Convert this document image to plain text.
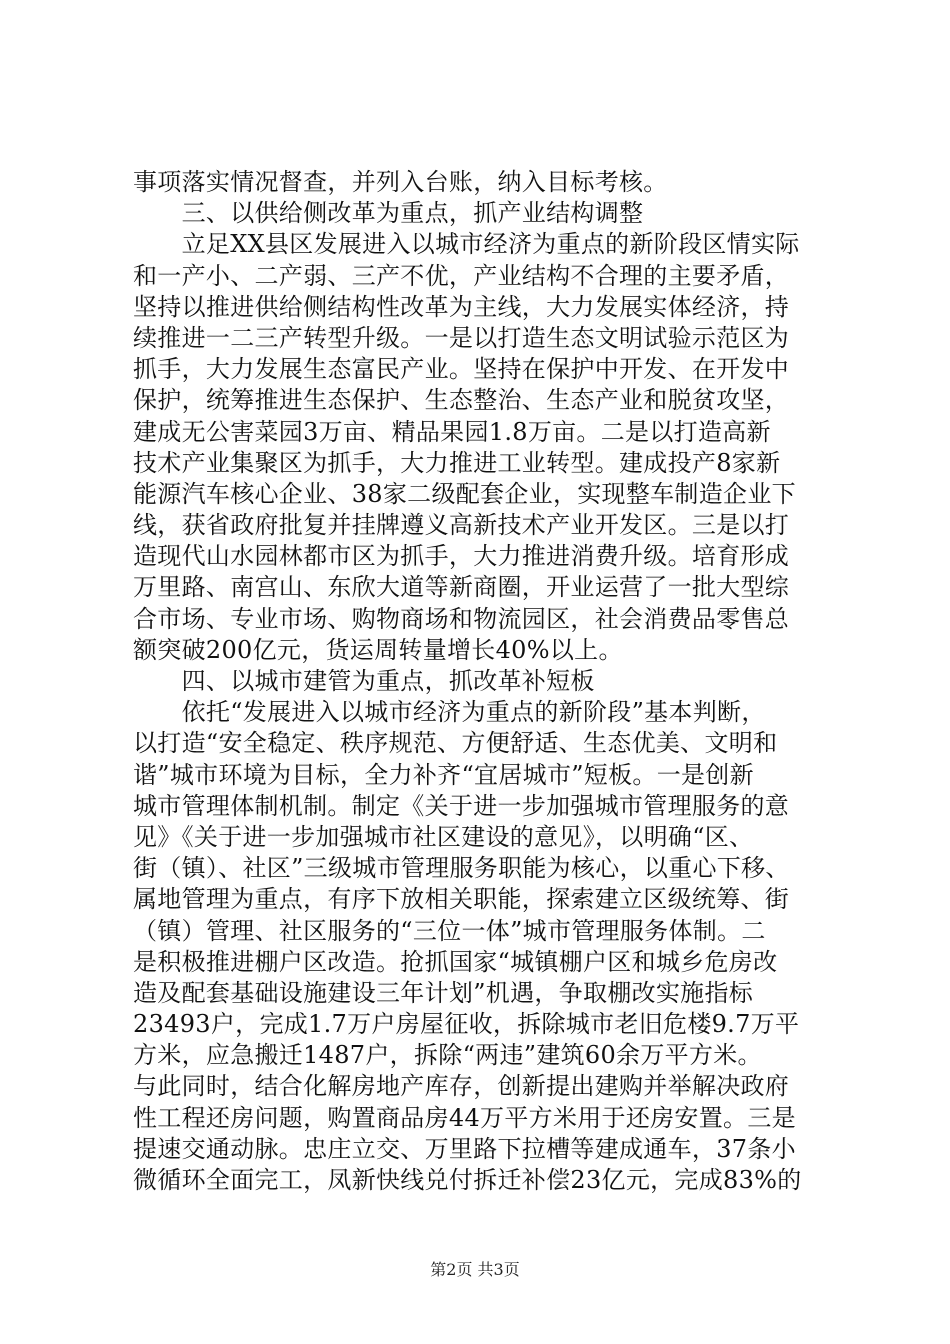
事项落实情况督查，并列入台账，纳入目标考核。
　　三、以供给侧改革为重点，抓产业结构调整
　　立足XX县区发展进入以城市经济为重点的新阶段区情实际
和一产小、二产弱、三产不优，产业结构不合理的主要矛盾，
坚持以推进供给侧结构性改革为主线，大力发展实体经济，持
续推进一二三产转型升级。一是以打造生态文明试验示范区为
抓手，大力发展生态富民产业。坚持在保护中开发、在开发中
保护，统筹推进生态保护、生态整治、生态产业和脱贫攻坚，
建成无公害菜园3万亩、精品果园1.8万亩。二是以打造高新
技术产业集聚区为抓手，大力推进工业转型。建成投产8家新
能源汽车核心企业、38家二级配套企业，实现整车制造企业下
线，获省政府批复并挂牌遵义高新技术产业开发区。三是以打
造现代山水园林都市区为抓手，大力推进消费升级。培育形成
万里路、南宫山、东欣大道等新商圈，开业运营了一批大型综
合市场、专业市场、购物商场和物流园区，社会消费品零售总
额突破200亿元，货运周转量增长40%以上。
　　四、以城市建管为重点，抓改革补短板
　　依托“发展进入以城市经济为重点的新阶段”基本判断，
以打造“安全稳定、秩序规范、方便舒适、生态优美、文明和
谐”城市环境为目标，全力补齐“宜居城市”短板。一是创新
城市管理体制机制。制定《关于进一步加强城市管理服务的意
见》《关于进一步加强城市社区建设的意见》，以明确“区、
街（镇）、社区”三级城市管理服务职能为核心，以重心下移、
属地管理为重点，有序下放相关职能，探索建立区级统筹、街
（镇）管理、社区服务的“三位一体”城市管理服务体制。二
是积极推进棚户区改造。抢抓国家“城镇棚户区和城乡危房改
造及配套基础设施建设三年计划”机遇，争取棚改实施指标
23493户，完成1.7万户房屋征收，拆除城市老旧危楼9.7万平
方米，应急搬迁1487户，拆除“两违”建筑60余万平方米。
与此同时，结合化解房地产库存，创新提出建购并举解决政府
性工程还房问题，购置商品房44万平方米用于还房安置。三是
提速交通动脉。忠庄立交、万里路下拉槽等建成通车，37条小
微循环全面完工，凤新快线兑付拆迁补偿23亿元，完成83%的
第2页 共3页
